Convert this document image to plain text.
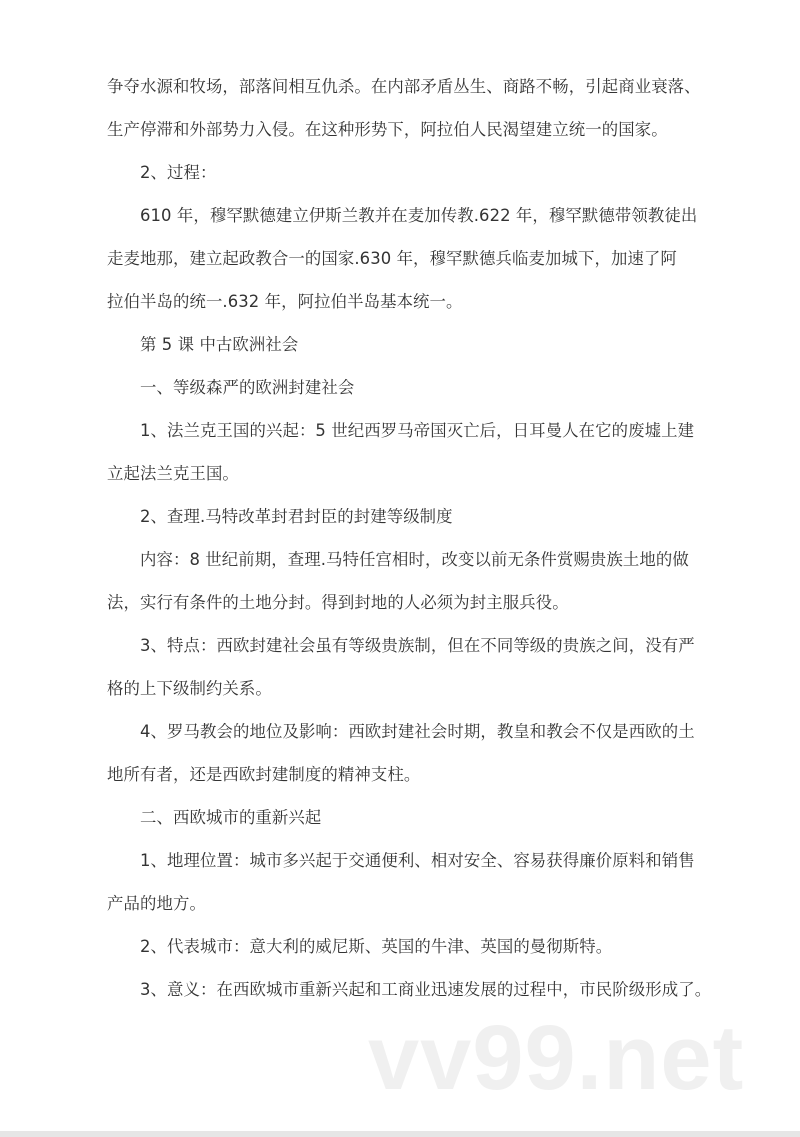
争夺水源和牧场，部落间相互仇杀。在内部矛盾丛生、商路不畅，引起商业衰落、
生产停滞和外部势力入侵。在这种形势下，阿拉伯人民渴望建立统一的国家。
2、过程：
610 年，穆罕默德建立伊斯兰教并在麦加传教.622 年，穆罕默德带领教徒出
走麦地那，建立起政教合一的国家.630 年，穆罕默德兵临麦加城下，加速了阿
拉伯半岛的统一.632 年，阿拉伯半岛基本统一。
第 5 课 中古欧洲社会
一、等级森严的欧洲封建社会
1、法兰克王国的兴起：5 世纪西罗马帝国灭亡后，日耳曼人在它的废墟上建
立起法兰克王国。
2、查理.马特改革封君封臣的封建等级制度
内容：8 世纪前期，查理.马特任宫相时，改变以前无条件赏赐贵族土地的做
法，实行有条件的土地分封。得到封地的人必须为封主服兵役。
3、特点：西欧封建社会虽有等级贵族制，但在不同等级的贵族之间，没有严
格的上下级制约关系。
4、罗马教会的地位及影响：西欧封建社会时期，教皇和教会不仅是西欧的土
地所有者，还是西欧封建制度的精神支柱。
二、西欧城市的重新兴起
1、地理位置：城市多兴起于交通便利、相对安全、容易获得廉价原料和销售
产品的地方。
2、代表城市：意大利的威尼斯、英国的牛津、英国的曼彻斯特。
3、意义：在西欧城市重新兴起和工商业迅速发展的过程中，市民阶级形成了。
vv99.net
